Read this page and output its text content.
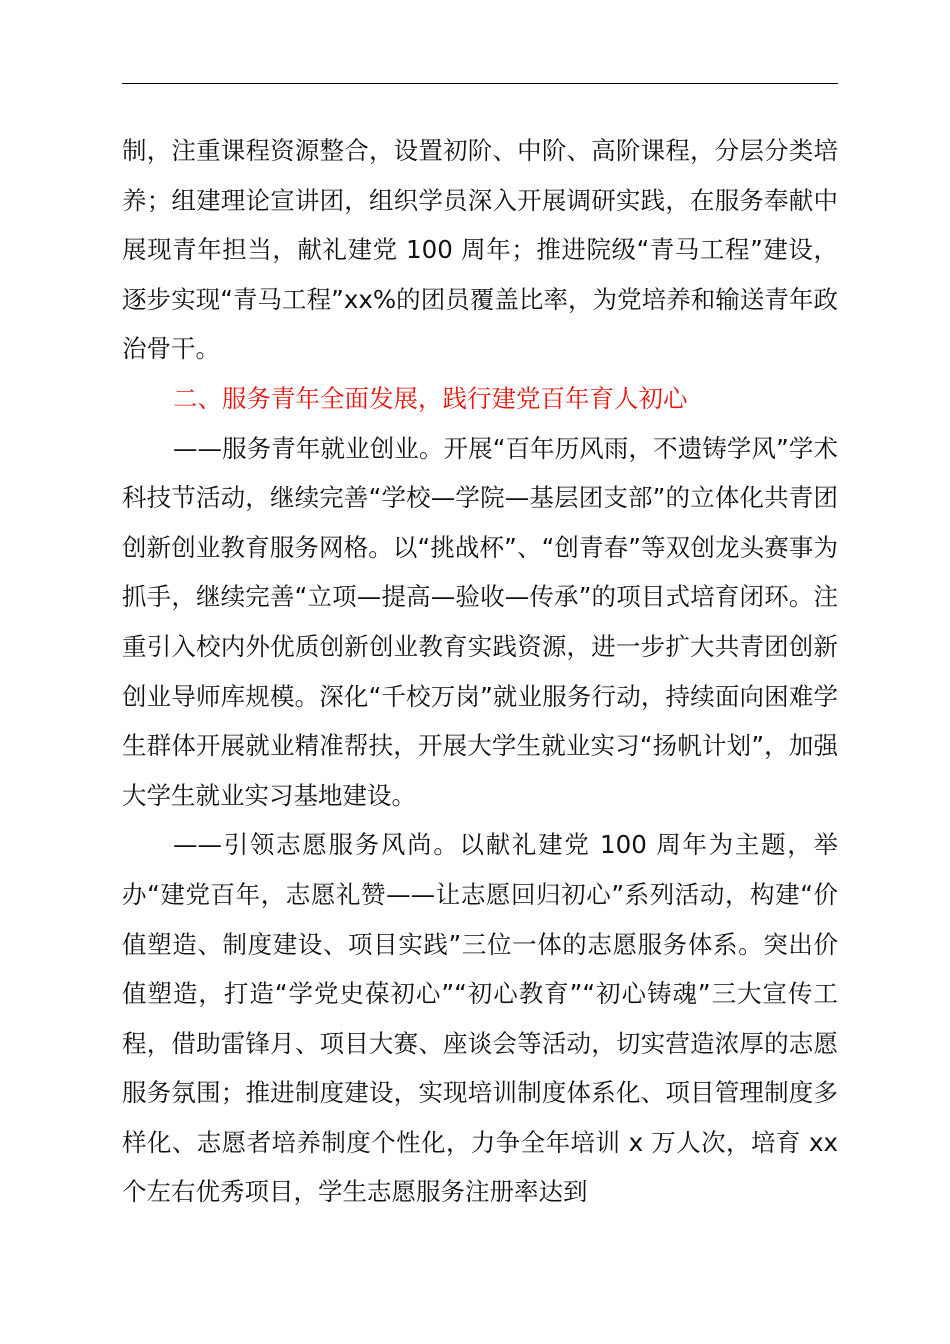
制，注重课程资源整合，设置初阶、中阶、高阶课程，分层分类培养；组建理论宣讲团，组织学员深入开展调研实践，在服务奉献中展现青年担当，献礼建党 100 周年；推进院级“青马工程”建设，逐步实现“青马工程”xx%的团员覆盖比率，为党培养和输送青年政治骨干。

二、服务青年全面发展，践行建党百年育人初心

——服务青年就业创业。开展“百年历风雨，不遗铸学风”学术科技节活动，继续完善“学校—学院—基层团支部”的立体化共青团创新创业教育服务网格。以“挑战杯”、“创青春”等双创龙头赛事为抓手，继续完善“立项—提高—验收—传承”的项目式培育闭环。注重引入校内外优质创新创业教育实践资源，进一步扩大共青团创新创业导师库规模。深化“千校万岗”就业服务行动，持续面向困难学生群体开展就业精准帮扶，开展大学生就业实习“扬帆计划”，加强大学生就业实习基地建设。

——引领志愿服务风尚。以献礼建党 100 周年为主题，举办“建党百年，志愿礼赞——让志愿回归初心”系列活动，构建“价值塑造、制度建设、项目实践”三位一体的志愿服务体系。突出价值塑造，打造“学党史葆初心”“初心教育”“初心铸魂”三大宣传工程，借助雷锋月、项目大赛、座谈会等活动，切实营造浓厚的志愿服务氛围；推进制度建设，实现培训制度体系化、项目管理制度多样化、志愿者培养制度个性化，力争全年培训 x 万人次，培育 xx 个左右优秀项目，学生志愿服务注册率达到
